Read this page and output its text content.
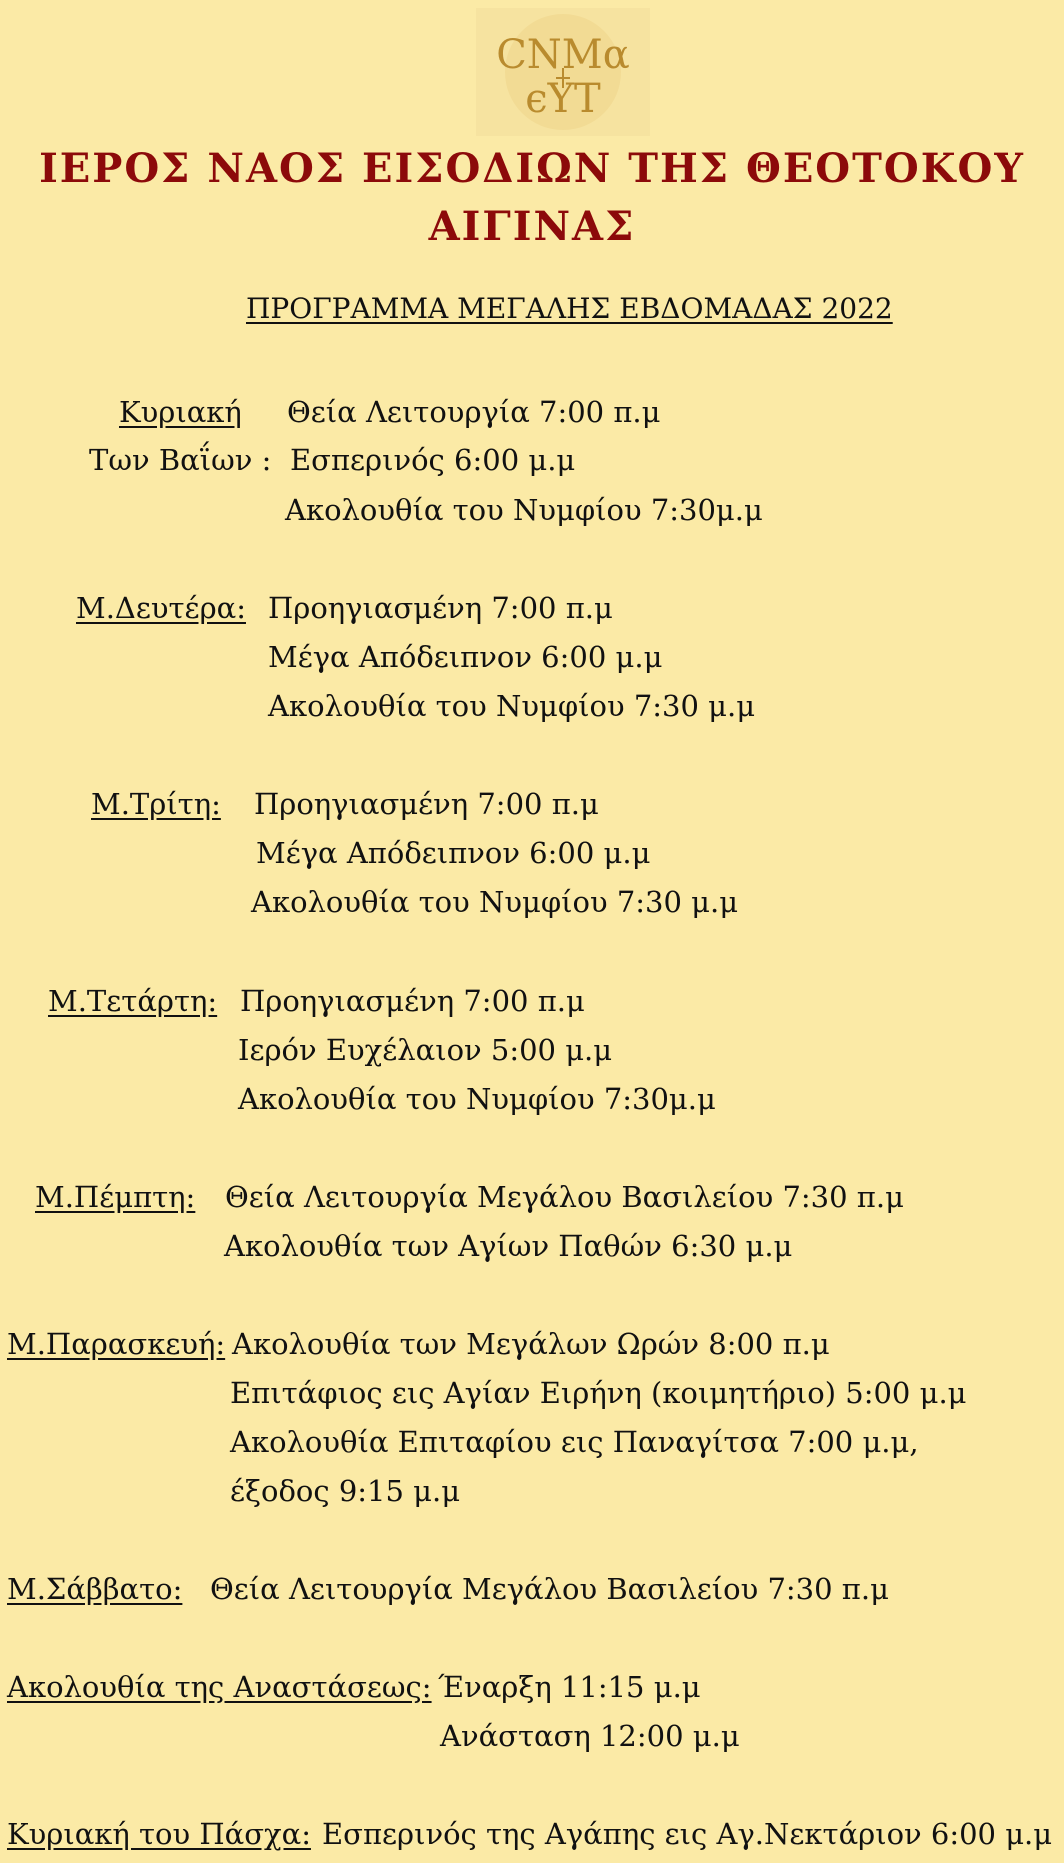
СΝΜα
ϵΥΤ
ΙΕΡΟΣ ΝΑΟΣ ΕΙΣΟΔΙΩΝ ΤΗΣ ΘΕΟΤΟΚΟΥ
ΑΙΓΙΝΑΣ
ΠΡΟΓΡΑΜΜΑ ΜΕΓΑΛΗΣ ΕΒΔΟΜΑΔΑΣ 2022
Κυριακή Θεία Λειτουργία 7:00 π.μ
Των Βαΐων : Εσπερινός 6:00 μ.μ
Ακολουθία του Νυμφίου 7:30μ.μ
Μ.Δευτέρα: Προηγιασμένη 7:00 π.μ
Μέγα Απόδειπνον 6:00 μ.μ
Ακολουθία του Νυμφίου 7:30 μ.μ
Μ.Τρίτη: Προηγιασμένη 7:00 π.μ
Μέγα Απόδειπνον 6:00 μ.μ
Ακολουθία του Νυμφίου 7:30 μ.μ
Μ.Τετάρτη: Προηγιασμένη 7:00 π.μ
Ιερόν Ευχέλαιον 5:00 μ.μ
Ακολουθία του Νυμφίου 7:30μ.μ
Μ.Πέμπτη: Θεία Λειτουργία Μεγάλου Βασιλείου 7:30 π.μ
Ακολουθία των Αγίων Παθών 6:30 μ.μ
Μ.Παρασκευή: Ακολουθία των Μεγάλων Ωρών 8:00 π.μ
Επιτάφιος εις Αγίαν Ειρήνη (κοιμητήριο) 5:00 μ.μ
Ακολουθία Επιταφίου εις Παναγίτσα 7:00 μ.μ,
έξοδος 9:15 μ.μ
Μ.Σάββατο: Θεία Λειτουργία Μεγάλου Βασιλείου 7:30 π.μ
Ακολουθία της Αναστάσεως: Έναρξη 11:15 μ.μ
Ανάσταση 12:00 μ.μ
Κυριακή του Πάσχα: Εσπερινός της Αγάπης εις Αγ.Νεκτάριον 6:00 μ.μ
